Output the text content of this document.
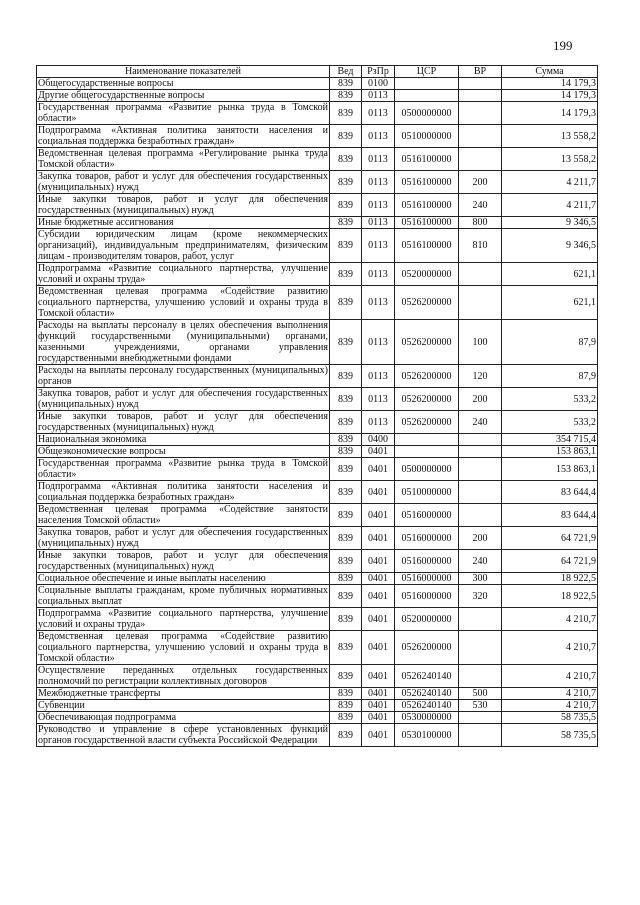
199
Наименование показателей	Вед	РзПр	ЦСР	ВР	Сумма
Общегосударственные вопросы	839	0100			14 179,3
Другие общегосударственные вопросы	839	0113			14 179,3
Государственная программа «Развитие рынка труда в Томской области»	839	0113	0500000000		14 179,3
Подпрограмма «Активная политика занятости населения и социальная поддержка безработных граждан»	839	0113	0510000000		13 558,2
Ведомственная целевая программа «Регулирование рынка труда Томской области»	839	0113	0516100000		13 558,2
Закупка товаров, работ и услуг для обеспечения государственных (муниципальных) нужд	839	0113	0516100000	200	4 211,7
Иные закупки товаров, работ и услуг для обеспечения государственных (муниципальных) нужд	839	0113	0516100000	240	4 211,7
Иные бюджетные ассигнования	839	0113	0516100000	800	9 346,5
Субсидии юридическим лицам (кроме некоммерческих организаций), индивидуальным предпринимателям, физическим лицам - производителям товаров, работ, услуг	839	0113	0516100000	810	9 346,5
Подпрограмма «Развитие социального партнерства, улучшение условий и охраны труда»	839	0113	0520000000		621,1
Ведомственная целевая программа «Содействие развитию социального партнерства, улучшению условий и охраны труда в Томской области»	839	0113	0526200000		621,1
Расходы на выплаты персоналу в целях обеспечения выполнения функций государственными (муниципальными) органами, казенными учреждениями, органами управления государственными внебюджетными фондами	839	0113	0526200000	100	87,9
Расходы на выплаты персоналу государственных (муниципальных) органов	839	0113	0526200000	120	87,9
Закупка товаров, работ и услуг для обеспечения государственных (муниципальных) нужд	839	0113	0526200000	200	533,2
Иные закупки товаров, работ и услуг для обеспечения государственных (муниципальных) нужд	839	0113	0526200000	240	533,2
Национальная экономика	839	0400			354 715,4
Общеэкономические вопросы	839	0401			153 863,1
Государственная программа «Развитие рынка труда в Томской области»	839	0401	0500000000		153 863,1
Подпрограмма «Активная политика занятости населения и социальная поддержка безработных граждан»	839	0401	0510000000		83 644,4
Ведомственная целевая программа «Содействие занятости населения Томской области»	839	0401	0516000000		83 644,4
Закупка товаров, работ и услуг для обеспечения государственных (муниципальных) нужд	839	0401	0516000000	200	64 721,9
Иные закупки товаров, работ и услуг для обеспечения государственных (муниципальных) нужд	839	0401	0516000000	240	64 721,9
Социальное обеспечение и иные выплаты населению	839	0401	0516000000	300	18 922,5
Социальные выплаты гражданам, кроме публичных нормативных социальных выплат	839	0401	0516000000	320	18 922,5
Подпрограмма «Развитие социального партнерства, улучшение условий и охраны труда»	839	0401	0520000000		4 210,7
Ведомственная целевая программа «Содействие развитию социального партнерства, улучшению условий и охраны труда в Томской области»	839	0401	0526200000		4 210,7
Осуществление переданных отдельных государственных полномочий по регистрации коллективных договоров	839	0401	0526240140		4 210,7
Межбюджетные трансферты	839	0401	0526240140	500	4 210,7
Субвенции	839	0401	0526240140	530	4 210,7
Обеспечивающая подпрограмма	839	0401	0530000000		58 735,5
Руководство и управление в сфере установленных функций органов государственной власти субъекта Российской Федерации	839	0401	0530100000		58 735,5
